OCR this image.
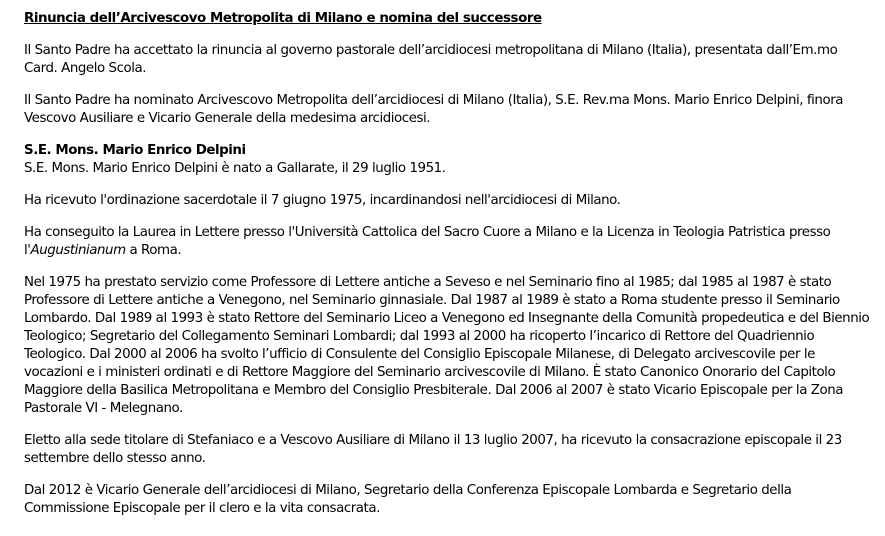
Rinuncia dell’Arcivescovo Metropolita di Milano e nomina del successore

Il Santo Padre ha accettato la rinuncia al governo pastorale dell’arcidiocesi metropolitana di Milano (Italia), presentata dall’Em.mo Card. Angelo Scola.

Il Santo Padre ha nominato Arcivescovo Metropolita dell’arcidiocesi di Milano (Italia), S.E. Rev.ma Mons. Mario Enrico Delpini, finora Vescovo Ausiliare e Vicario Generale della medesima arcidiocesi.

S.E. Mons. Mario Enrico Delpini
S.E. Mons. Mario Enrico Delpini è nato a Gallarate, il 29 luglio 1951.

Ha ricevuto l'ordinazione sacerdotale il 7 giugno 1975, incardinandosi nell'arcidiocesi di Milano.

Ha conseguito la Laurea in Lettere presso l'Università Cattolica del Sacro Cuore a Milano e la Licenza in Teologia Patristica presso l'Augustinianum a Roma.

Nel 1975 ha prestato servizio come Professore di Lettere antiche a Seveso e nel Seminario fino al 1985; dal 1985 al 1987 è stato Professore di Lettere antiche a Venegono, nel Seminario ginnasiale. Dal 1987 al 1989 è stato a Roma studente presso il Seminario Lombardo. Dal 1989 al 1993 è stato Rettore del Seminario Liceo a Venegono ed Insegnante della Comunità propedeutica e del Biennio Teologico; Segretario del Collegamento Seminari Lombardi; dal 1993 al 2000 ha ricoperto l’incarico di Rettore del Quadriennio Teologico. Dal 2000 al 2006 ha svolto l’ufficio di Consulente del Consiglio Episcopale Milanese, di Delegato arcivescovile per le vocazioni e i ministeri ordinati e di Rettore Maggiore del Seminario arcivescovile di Milano. È stato Canonico Onorario del Capitolo Maggiore della Basilica Metropolitana e Membro del Consiglio Presbiterale. Dal 2006 al 2007 è stato Vicario Episcopale per la Zona Pastorale VI - Melegnano.

Eletto alla sede titolare di Stefaniaco e a Vescovo Ausiliare di Milano il 13 luglio 2007, ha ricevuto la consacrazione episcopale il 23 settembre dello stesso anno.

Dal 2012 è Vicario Generale dell’arcidiocesi di Milano, Segretario della Conferenza Episcopale Lombarda e Segretario della Commissione Episcopale per il clero e la vita consacrata.
